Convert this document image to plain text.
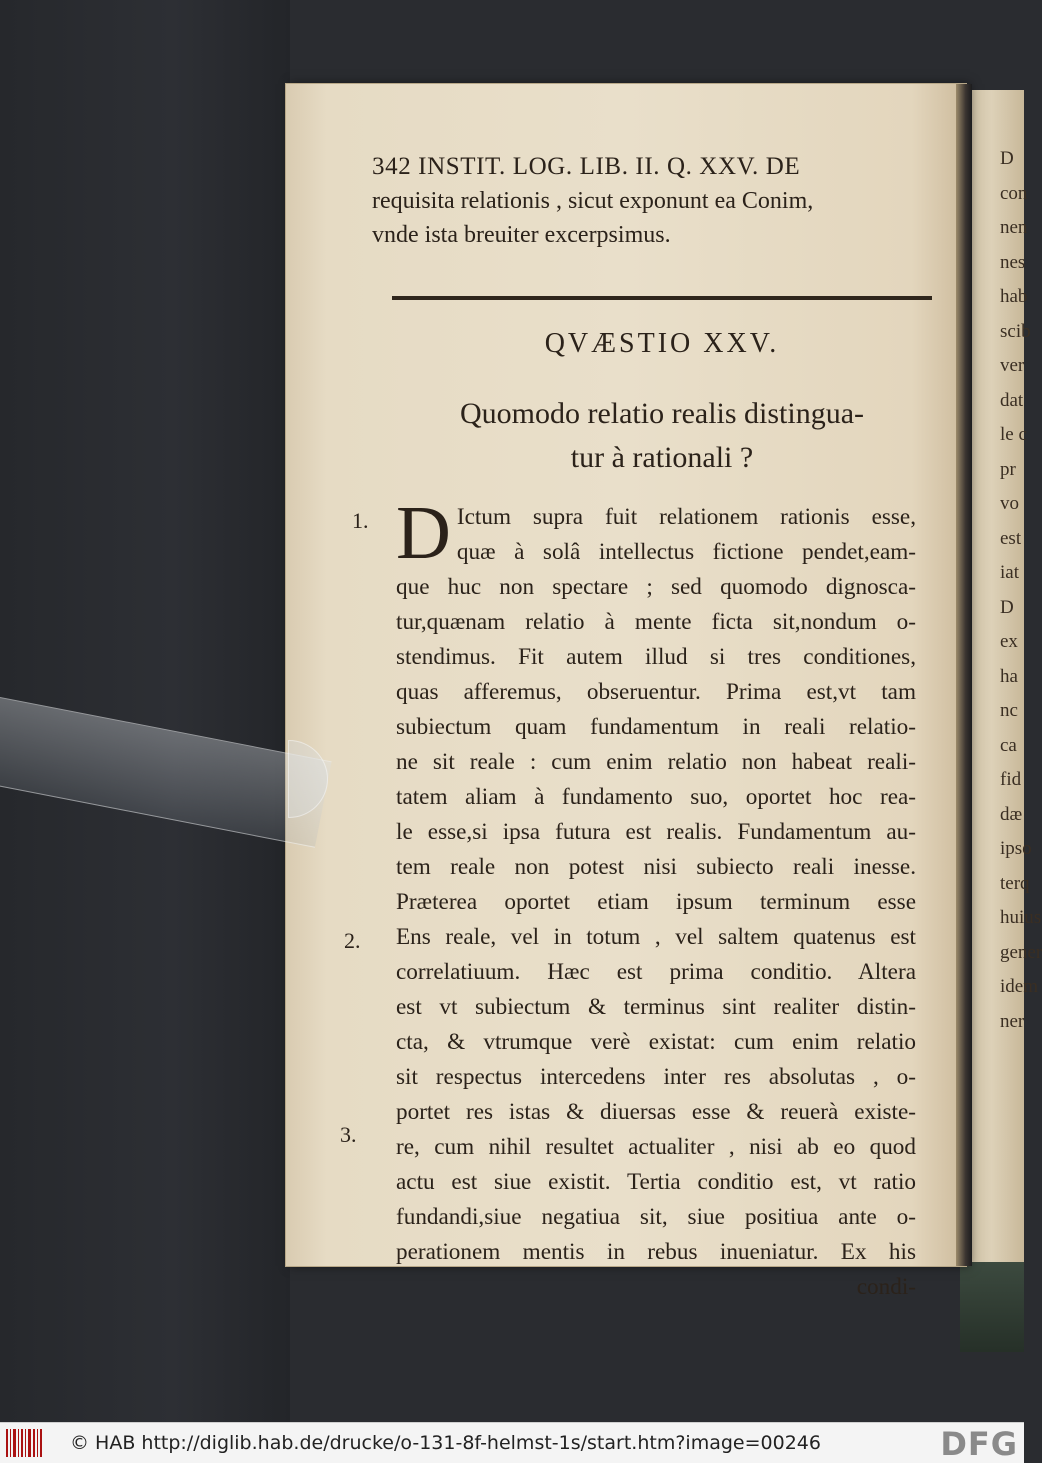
D
con
nen
nes
hab
scib
ver
dat
le c
pr
vo
est
iat
D
ex
ha
nc
ca
fid
dæ
ipso
terq
huius
gener
idem
ner
342 INSTIT. LOG. LIB. II. Q. XXV. DE
requisita relationis , sicut exponunt ea Conim,
vnde ista breuiter excerpsimus.
QVÆSTIO XXV.
Quomodo relatio realis distingua-
tur à rationali ?
1.
2.
3.
D Ictum supra fuit relationem rationis esse,
quæ à solâ intellectus fictione pendet,eam-
que huc non spectare ; sed quomodo dignosca-
tur,quænam relatio à mente ficta sit,nondum o-
stendimus. Fit autem illud si tres conditiones,
quas afferemus, obseruentur. Prima est,vt tam
subiectum quam fundamentum in reali relatio-
ne sit reale : cum enim relatio non habeat reali-
tatem aliam à fundamento suo, oportet hoc rea-
le esse,si ipsa futura est realis. Fundamentum au-
tem reale non potest nisi subiecto reali inesse.
Præterea oportet etiam ipsum terminum esse
Ens reale, vel in totum , vel saltem quatenus est
correlatiuum. Hæc est prima conditio. Altera
est vt subiectum & terminus sint realiter distin-
cta, & vtrumque verè existat: cum enim relatio
sit respectus intercedens inter res absolutas , o-
portet res istas & diuersas esse & reuerà existe-
re, cum nihil resultet actualiter , nisi ab eo quod
actu est siue existit. Tertia conditio est, vt ratio
fundandi,siue negatiua sit, siue positiua ante o-
perationem mentis in rebus inueniatur. Ex his
condi-
© HAB http://diglib.hab.de/drucke/o-131-8f-helmst-1s/start.htm?image=00246	DFG
